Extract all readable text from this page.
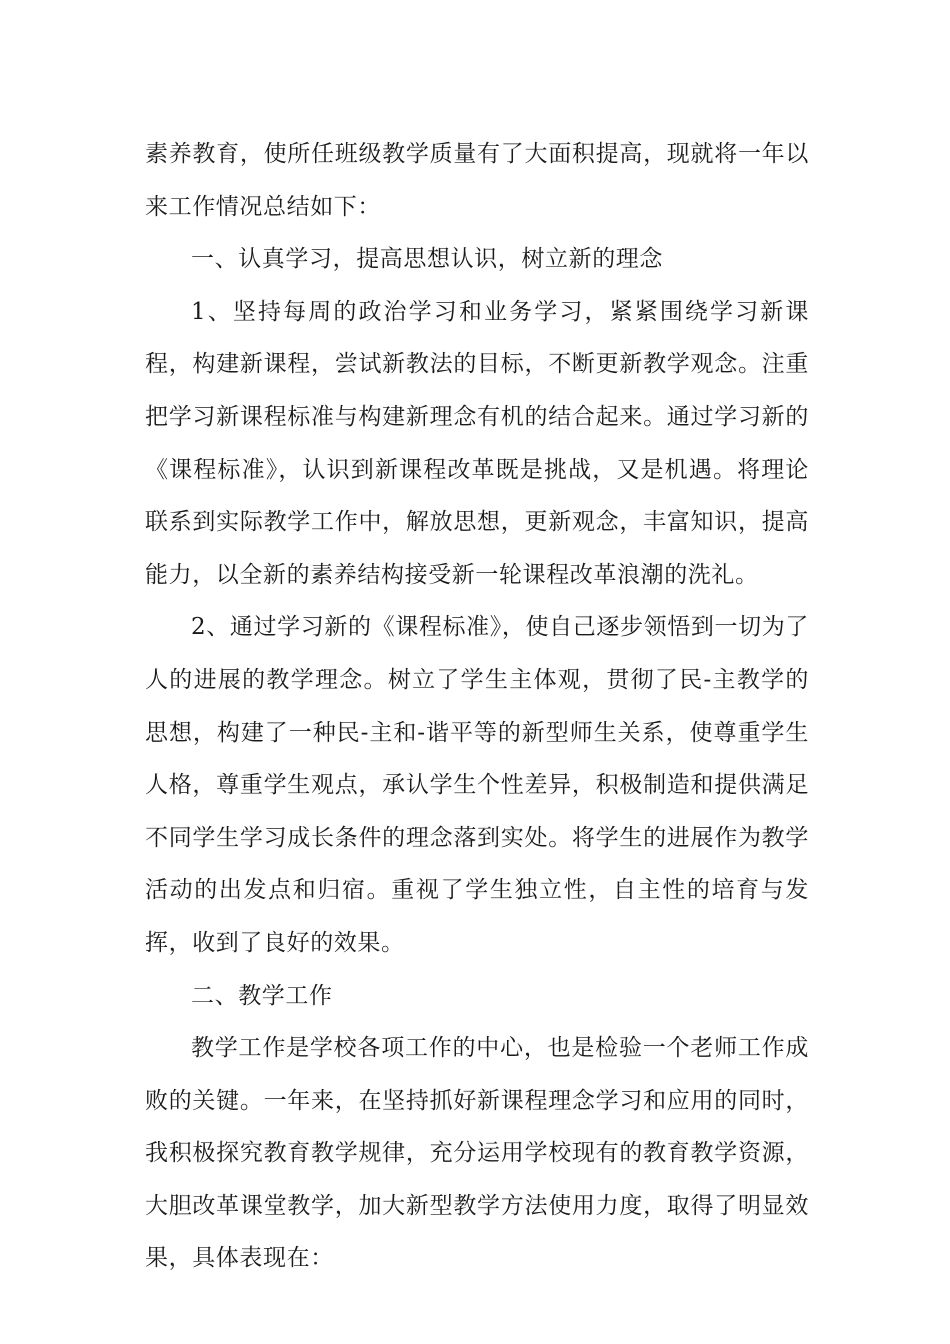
素养教育，使所任班级教学质量有了大面积提高，现就将一年以来工作情况总结如下：

一、认真学习，提高思想认识，树立新的理念

1、坚持每周的政治学习和业务学习，紧紧围绕学习新课程，构建新课程，尝试新教法的目标，不断更新教学观念。注重把学习新课程标准与构建新理念有机的结合起来。通过学习新的《课程标准》，认识到新课程改革既是挑战，又是机遇。将理论联系到实际教学工作中，解放思想，更新观念，丰富知识，提高能力，以全新的素养结构接受新一轮课程改革浪潮的洗礼。

2、通过学习新的《课程标准》，使自己逐步领悟到一切为了人的进展的教学理念。树立了学生主体观，贯彻了民-主教学的思想，构建了一种民-主和-谐平等的新型师生关系，使尊重学生人格，尊重学生观点，承认学生个性差异，积极制造和提供满足不同学生学习成长条件的理念落到实处。将学生的进展作为教学活动的出发点和归宿。重视了学生独立性，自主性的培育与发挥，收到了良好的效果。

二、教学工作

教学工作是学校各项工作的中心，也是检验一个老师工作成败的关键。一年来，在坚持抓好新课程理念学习和应用的同时，我积极探究教育教学规律，充分运用学校现有的教育教学资源，大胆改革课堂教学，加大新型教学方法使用力度，取得了明显效果，具体表现在：
